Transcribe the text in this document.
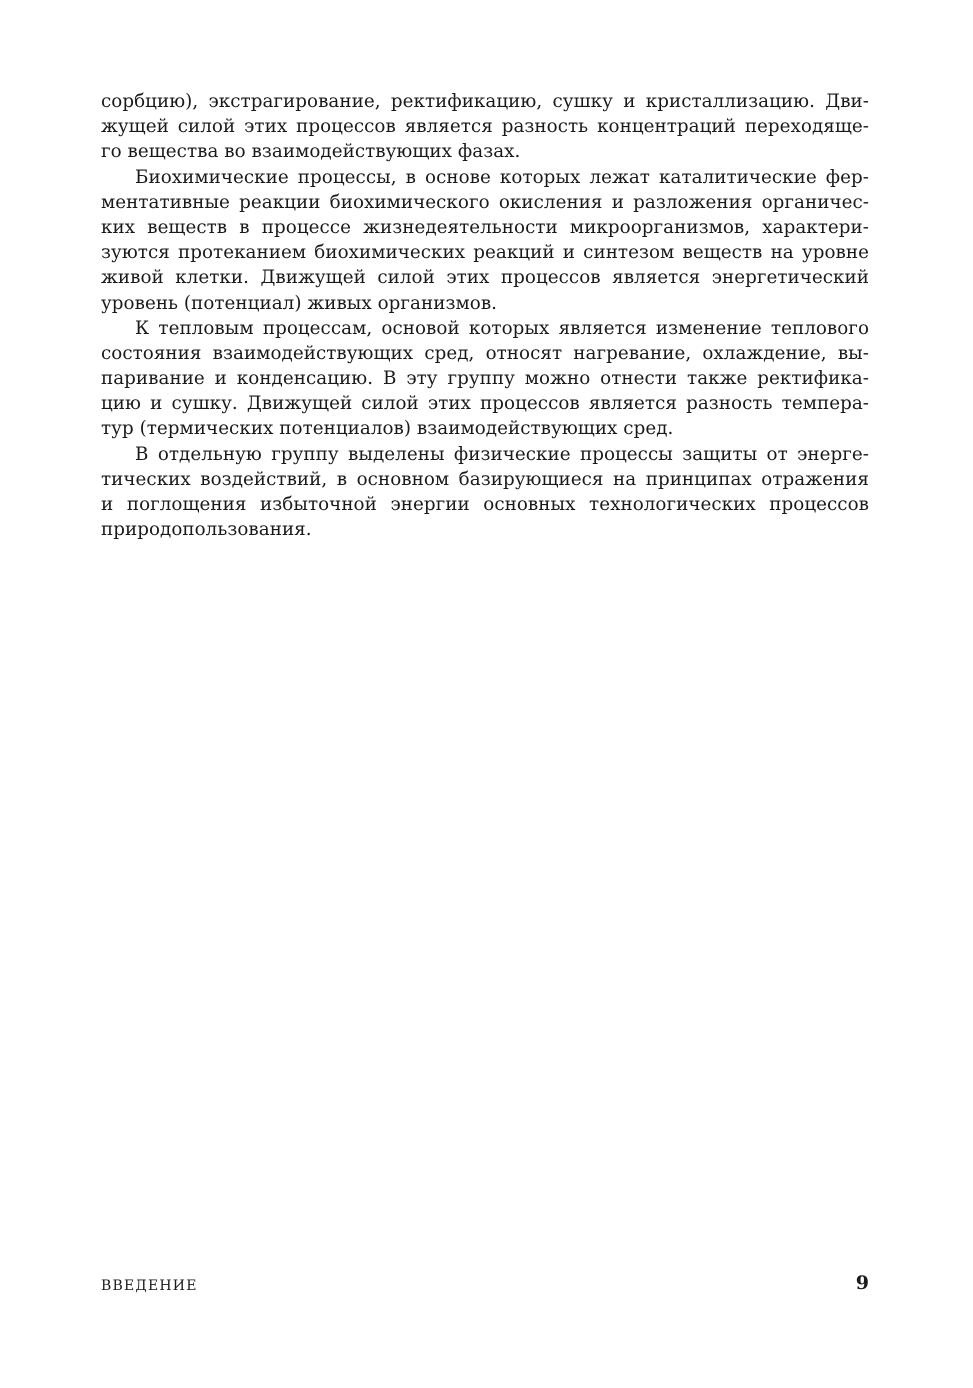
сорбцию), экстрагирование, ректификацию, сушку и кристаллизацию. Дви-
жущей силой этих процессов является разность концентраций переходяще-
го вещества во взаимодействующих фазах.
Биохимические процессы, в основе которых лежат каталитические фер-
ментативные реакции биохимического окисления и разложения органичес-
ких веществ в процессе жизнедеятельности микроорганизмов, характери-
зуются протеканием биохимических реакций и синтезом веществ на уровне
живой клетки. Движущей силой этих процессов является энергетический
уровень (потенциал) живых организмов.
К тепловым процессам, основой которых является изменение теплового
состояния взаимодействующих сред, относят нагревание, охлаждение, вы-
паривание и конденсацию. В эту группу можно отнести также ректифика-
цию и сушку. Движущей силой этих процессов является разность темпера-
тур (термических потенциалов) взаимодействующих сред.
В отдельную группу выделены физические процессы защиты от энерге-
тических воздействий, в основном базирующиеся на принципах отражения
и поглощения избыточной энергии основных технологических процессов
природопользования.
ВВЕДЕНИЕ	9
